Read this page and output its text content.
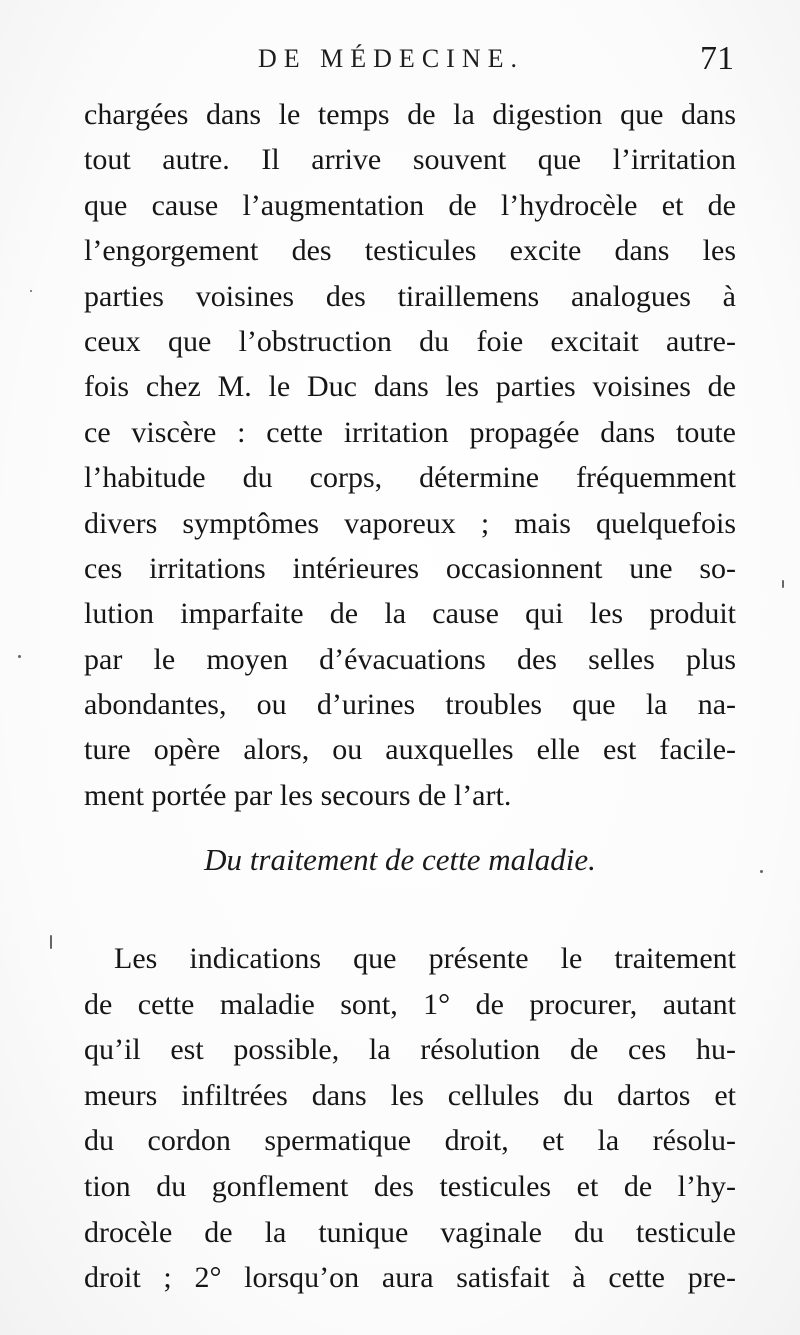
DE MÉDECINE.	71
chargées dans le temps de la digestion que dans
tout autre. Il arrive souvent que l’irritation
que cause l’augmentation de l’hydrocèle et de
l’engorgement des testicules excite dans les
parties voisines des tiraillemens analogues à
ceux que l’obstruction du foie excitait autre-
fois chez M. le Duc dans les parties voisines de
ce viscère : cette irritation propagée dans toute
l’habitude du corps, détermine fréquemment
divers symptômes vaporeux ; mais quelquefois
ces irritations intérieures occasionnent une so-
lution imparfaite de la cause qui les produit
par le moyen d’évacuations des selles plus
abondantes, ou d’urines troubles que la na-
ture opère alors, ou auxquelles elle est facile-
ment portée par les secours de l’art.
Du traitement de cette maladie.
Les indications que présente le traitement
de cette maladie sont, 1° de procurer, autant
qu’il est possible, la résolution de ces hu-
meurs infiltrées dans les cellules du dartos et
du cordon spermatique droit, et la résolu-
tion du gonflement des testicules et de l’hy-
drocèle de la tunique vaginale du testicule
droit ; 2° lorsqu’on aura satisfait à cette pre-
